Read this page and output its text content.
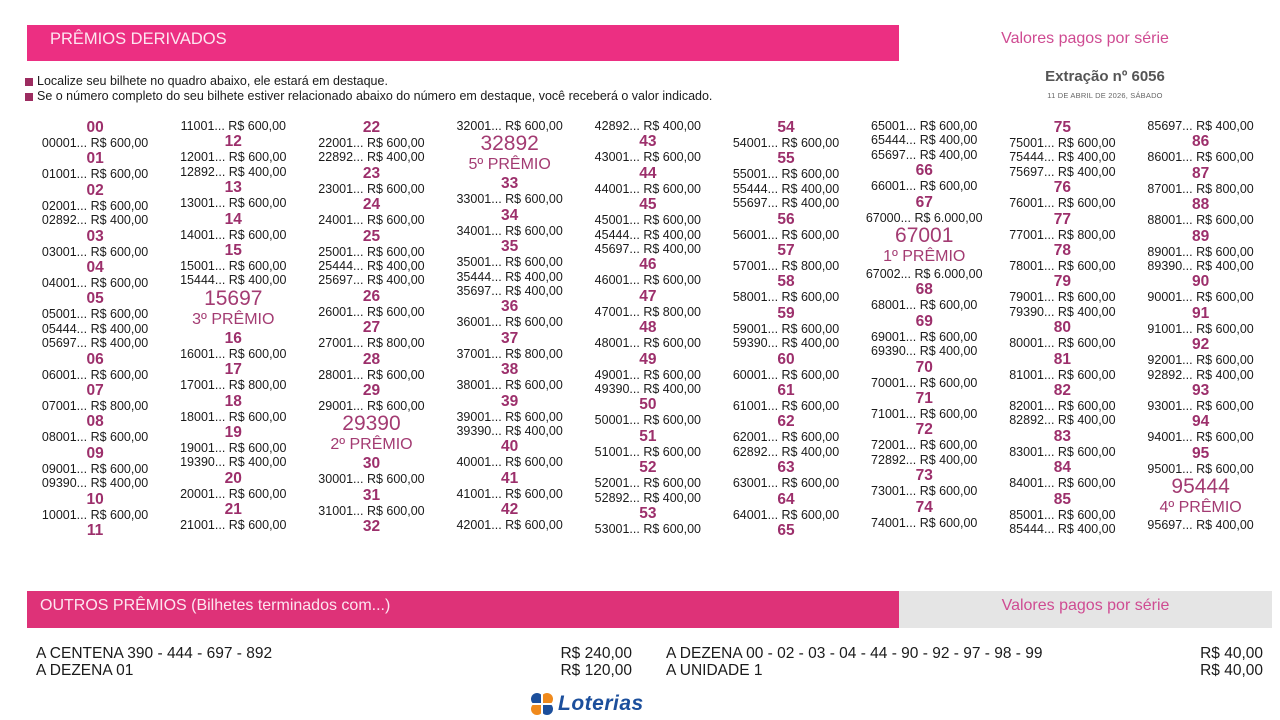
PRÊMIOS DERIVADOS	Valores pagos por série
Localize seu bilhete no quadro abaixo, ele estará em destaque.
Se o número completo do seu bilhete estiver relacionado abaixo do número em destaque, você receberá o valor indicado.
Extração nº 6056
11 DE ABRIL DE 2026, SÁBADO
00
00001... R$ 600,00
01
01001... R$ 600,00
02
02001... R$ 600,00
02892... R$ 400,00
03
03001... R$ 600,00
04
04001... R$ 600,00
05
05001... R$ 600,00
05444... R$ 400,00
05697... R$ 400,00
06
06001... R$ 600,00
07
07001... R$ 800,00
08
08001... R$ 600,00
09
09001... R$ 600,00
09390... R$ 400,00
10
10001... R$ 600,00
11
11001... R$ 600,00
12
12001... R$ 600,00
12892... R$ 400,00
13
13001... R$ 600,00
14
14001... R$ 600,00
15
15001... R$ 600,00
15444... R$ 400,00
15697
3º PRÊMIO
16
16001... R$ 600,00
17
17001... R$ 800,00
18
18001... R$ 600,00
19
19001... R$ 600,00
19390... R$ 400,00
20
20001... R$ 600,00
21
21001... R$ 600,00
22
22001... R$ 600,00
22892... R$ 400,00
23
23001... R$ 600,00
24
24001... R$ 600,00
25
25001... R$ 600,00
25444... R$ 400,00
25697... R$ 400,00
26
26001... R$ 600,00
27
27001... R$ 800,00
28
28001... R$ 600,00
29
29001... R$ 600,00
29390
2º PRÊMIO
30
30001... R$ 600,00
31
31001... R$ 600,00
32
32001... R$ 600,00
32892
5º PRÊMIO
33
33001... R$ 600,00
34
34001... R$ 600,00
35
35001... R$ 600,00
35444... R$ 400,00
35697... R$ 400,00
36
36001... R$ 600,00
37
37001... R$ 800,00
38
38001... R$ 600,00
39
39001... R$ 600,00
39390... R$ 400,00
40
40001... R$ 600,00
41
41001... R$ 600,00
42
42001... R$ 600,00
42892... R$ 400,00
43
43001... R$ 600,00
44
44001... R$ 600,00
45
45001... R$ 600,00
45444... R$ 400,00
45697... R$ 400,00
46
46001... R$ 600,00
47
47001... R$ 800,00
48
48001... R$ 600,00
49
49001... R$ 600,00
49390... R$ 400,00
50
50001... R$ 600,00
51
51001... R$ 600,00
52
52001... R$ 600,00
52892... R$ 400,00
53
53001... R$ 600,00
54
54001... R$ 600,00
55
55001... R$ 600,00
55444... R$ 400,00
55697... R$ 400,00
56
56001... R$ 600,00
57
57001... R$ 800,00
58
58001... R$ 600,00
59
59001... R$ 600,00
59390... R$ 400,00
60
60001... R$ 600,00
61
61001... R$ 600,00
62
62001... R$ 600,00
62892... R$ 400,00
63
63001... R$ 600,00
64
64001... R$ 600,00
65
65001... R$ 600,00
65444... R$ 400,00
65697... R$ 400,00
66
66001... R$ 600,00
67
67000... R$ 6.000,00
67001
1º PRÊMIO
67002... R$ 6.000,00
68
68001... R$ 600,00
69
69001... R$ 600,00
69390... R$ 400,00
70
70001... R$ 600,00
71
71001... R$ 600,00
72
72001... R$ 600,00
72892... R$ 400,00
73
73001... R$ 600,00
74
74001... R$ 600,00
75
75001... R$ 600,00
75444... R$ 400,00
75697... R$ 400,00
76
76001... R$ 600,00
77
77001... R$ 800,00
78
78001... R$ 600,00
79
79001... R$ 600,00
79390... R$ 400,00
80
80001... R$ 600,00
81
81001... R$ 600,00
82
82001... R$ 600,00
82892... R$ 400,00
83
83001... R$ 600,00
84
84001... R$ 600,00
85
85001... R$ 600,00
85444... R$ 400,00
85697... R$ 400,00
86
86001... R$ 600,00
87
87001... R$ 800,00
88
88001... R$ 600,00
89
89001... R$ 600,00
89390... R$ 400,00
90
90001... R$ 600,00
91
91001... R$ 600,00
92
92001... R$ 600,00
92892... R$ 400,00
93
93001... R$ 600,00
94
94001... R$ 600,00
95
95001... R$ 600,00
95444
4º PRÊMIO
95697... R$ 400,00
OUTROS PRÊMIOS (Bilhetes terminados com...)	Valores pagos por série
A CENTENA 390 - 444 - 697 - 892	R$ 240,00
A DEZENA 01	R$ 120,00
A DEZENA 00 - 02 - 03 - 04 - 44 - 90 - 92 - 97 - 98 - 99	R$ 40,00
A UNIDADE 1	R$ 40,00
Loterias
